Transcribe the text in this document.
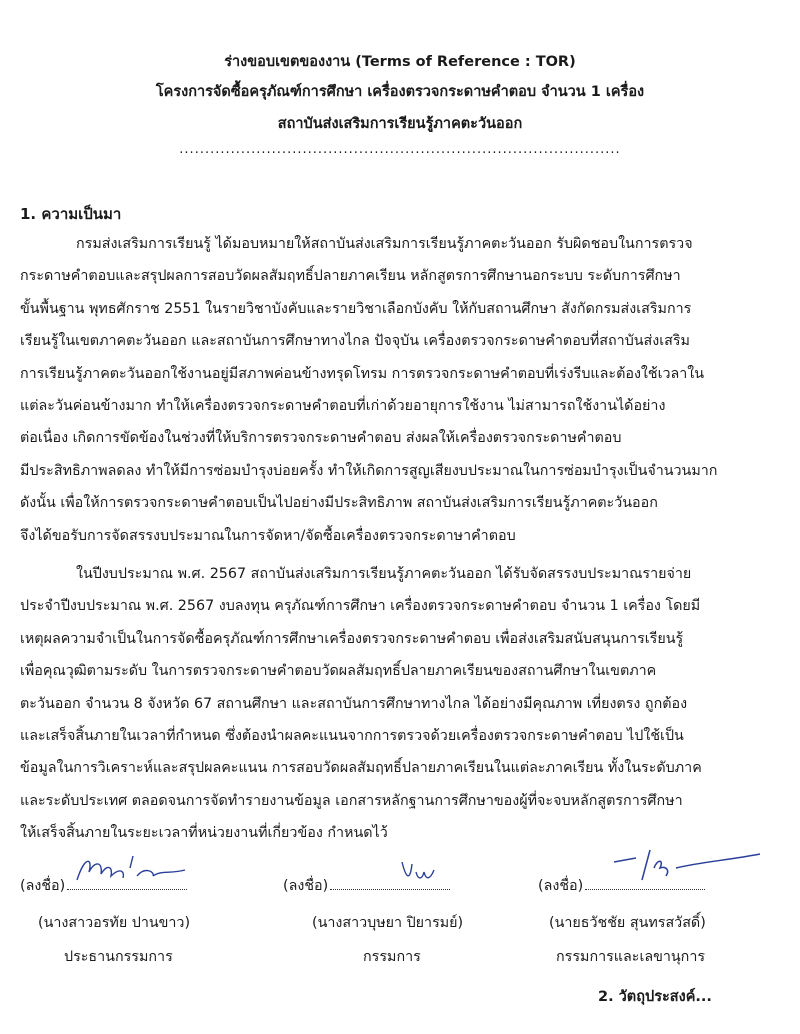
ร่างขอบเขตของงาน (Terms of Reference : TOR)
โครงการจัดซื้อครุภัณฑ์การศึกษา เครื่องตรวจกระดาษคำตอบ จำนวน 1 เครื่อง
สถาบันส่งเสริมการเรียนรู้ภาคตะวันออก
......................................................................................
1. ความเป็นมา
กรมส่งเสริมการเรียนรู้ ได้มอบหมายให้สถาบันส่งเสริมการเรียนรู้ภาคตะวันออก รับผิดชอบในการตรวจ
กระดาษคำตอบและสรุปผลการสอบวัดผลสัมฤทธิ์ปลายภาคเรียน หลักสูตรการศึกษานอกระบบ ระดับการศึกษา
ขั้นพื้นฐาน พุทธศักราช 2551 ในรายวิชาบังคับและรายวิชาเลือกบังคับ ให้กับสถานศึกษา สังกัดกรมส่งเสริมการ
เรียนรู้ในเขตภาคตะวันออก และสถาบันการศึกษาทางไกล ปัจจุบัน เครื่องตรวจกระดาษคำตอบที่สถาบันส่งเสริม
การเรียนรู้ภาคตะวันออกใช้งานอยู่มีสภาพค่อนข้างทรุดโทรม การตรวจกระดาษคำตอบที่เร่งรีบและต้องใช้เวลาใน
แต่ละวันค่อนข้างมาก ทำให้เครื่องตรวจกระดาษคำตอบที่เก่าด้วยอายุการใช้งาน ไม่สามารถใช้งานได้อย่าง
ต่อเนื่อง เกิดการขัดข้องในช่วงที่ให้บริการตรวจกระดาษคำตอบ ส่งผลให้เครื่องตรวจกระดาษคำตอบ
มีประสิทธิภาพลดลง ทำให้มีการซ่อมบำรุงบ่อยครั้ง ทำให้เกิดการสูญเสียงบประมาณในการซ่อมบำรุงเป็นจำนวนมาก
ดังนั้น เพื่อให้การตรวจกระดาษคำตอบเป็นไปอย่างมีประสิทธิภาพ สถาบันส่งเสริมการเรียนรู้ภาคตะวันออก
จึงได้ขอรับการจัดสรรงบประมาณในการจัดหา/จัดซื้อเครื่องตรวจกระดาษาคำตอบ
ในปีงบประมาณ พ.ศ. 2567 สถาบันส่งเสริมการเรียนรู้ภาคตะวันออก ได้รับจัดสรรงบประมาณรายจ่าย
ประจำปีงบประมาณ พ.ศ. 2567 งบลงทุน ครุภัณฑ์การศึกษา เครื่องตรวจกระดาษคำตอบ จำนวน 1 เครื่อง โดยมี
เหตุผลความจำเป็นในการจัดซื้อครุภัณฑ์การศึกษาเครื่องตรวจกระดาษคำตอบ เพื่อส่งเสริมสนับสนุนการเรียนรู้
เพื่อคุณวุฒิตามระดับ ในการตรวจกระดาษคำตอบวัดผลสัมฤทธิ์ปลายภาคเรียนของสถานศึกษาในเขตภาค
ตะวันออก จำนวน 8 จังหวัด 67 สถานศึกษา และสถาบันการศึกษาทางไกล ได้อย่างมีคุณภาพ เที่ยงตรง ถูกต้อง
และเสร็จสิ้นภายในเวลาที่กำหนด ซึ่งต้องนำผลคะแนนจากการตรวจด้วยเครื่องตรวจกระดาษคำตอบ ไปใช้เป็น
ข้อมูลในการวิเคราะห์และสรุปผลคะแนน การสอบวัดผลสัมฤทธิ์ปลายภาคเรียนในแต่ละภาคเรียน ทั้งในระดับภาค
และระดับประเทศ ตลอดจนการจัดทำรายงานข้อมูล เอกสารหลักฐานการศึกษาของผู้ที่จะจบหลักสูตรการศึกษา
ให้เสร็จสิ้นภายในระยะเวลาที่หน่วยงานที่เกี่ยวข้อง กำหนดไว้
(ลงชื่อ)
(นางสาวอรทัย ปานขาว)
ประธานกรรมการ
(ลงชื่อ)
(นางสาวบุษยา ปิยารมย์)
กรรมการ
(ลงชื่อ)
(นายธวัชชัย สุนทรสวัสดิ์)
กรรมการและเลขานุการ
2. วัตถุประสงค์...
